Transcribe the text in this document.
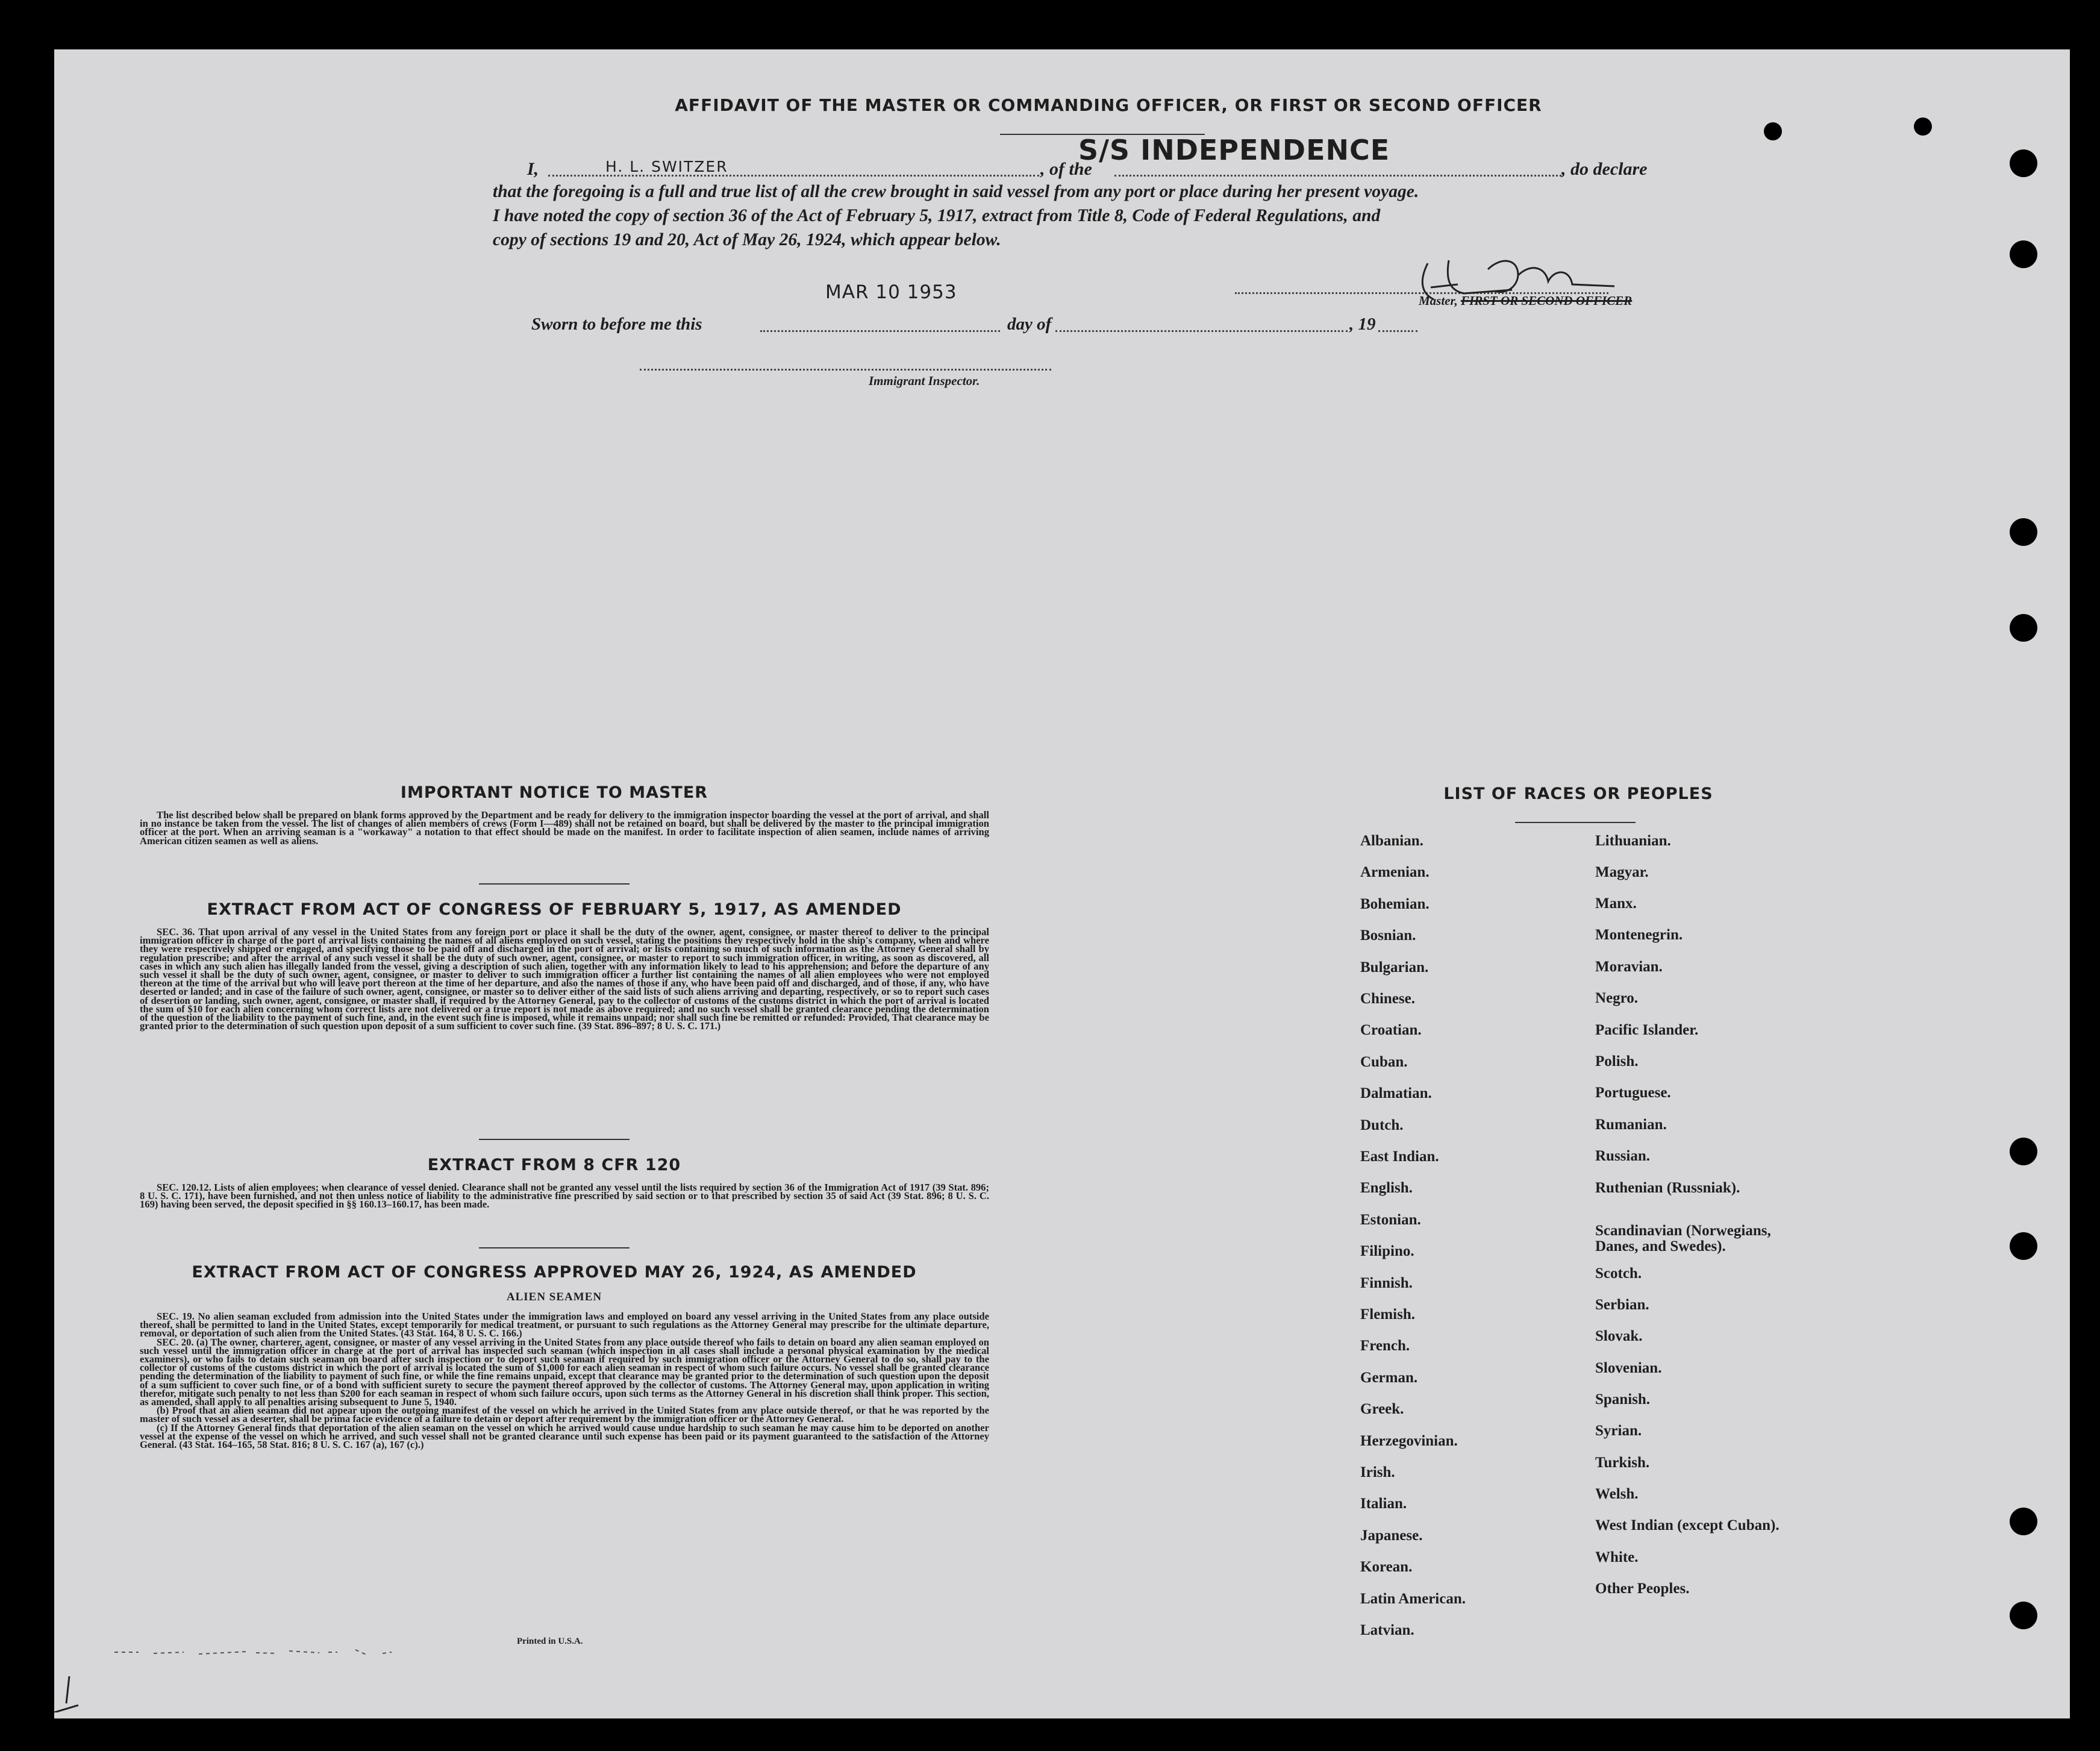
AFFIDAVIT OF THE MASTER OR COMMANDING OFFICER, OR FIRST OR SECOND OFFICER
S/S INDEPENDENCE
I,	H. L. SWITZER	, of the	, do declare
that the foregoing is a full and true list of all the crew brought in said vessel from any port or place during her present voyage.
I have noted the copy of section 36 of the Act of February 5, 1917, extract from Title 8, Code of Federal Regulations, and
copy of sections 19 and 20, Act of May 26, 1924, which appear below.
MAR 10 1953	Master, FIRST OR SECOND OFFICER
Sworn to before me this	day of	, 19
Immigrant Inspector.
IMPORTANT NOTICE TO MASTER

The list described below shall be prepared on blank forms approved by the Department and be ready for delivery to the immigration inspector boarding the vessel at the port of arrival, and shall in no instance be taken from the vessel. The list of changes of alien members of crews (Form I—489) shall not be retained on board, but shall be delivered by the master to the principal immigration officer at the port. When an arriving seaman is a "workaway" a notation to that effect should be made on the manifest. In order to facilitate inspection of alien seamen, include names of arriving American citizen seamen as well as aliens.

EXTRACT FROM ACT OF CONGRESS OF FEBRUARY 5, 1917, AS AMENDED

SEC. 36. That upon arrival of any vessel in the United States from any foreign port or place it shall be the duty of the owner, agent, consignee, or master thereof to deliver to the principal immigration officer in charge of the port of arrival lists containing the names of all aliens employed on such vessel, stating the positions they respectively hold in the ship's company, when and where they were respectively shipped or engaged, and specifying those to be paid off and discharged in the port of arrival; or lists containing so much of such information as the Attorney General shall by regulation prescribe; and after the arrival of any such vessel it shall be the duty of such owner, agent, consignee, or master to report to such immigration officer, in writing, as soon as discovered, all cases in which any such alien has illegally landed from the vessel, giving a description of such alien, together with any information likely to lead to his apprehension; and before the departure of any such vessel it shall be the duty of such owner, agent, consignee, or master to deliver to such immigration officer a further list containing the names of all alien employees who were not employed thereon at the time of the arrival but who will leave port thereon at the time of her departure, and also the names of those if any, who have been paid off and discharged, and of those, if any, who have deserted or landed; and in case of the failure of such owner, agent, consignee, or master so to deliver either of the said lists of such aliens arriving and departing, respectively, or so to report such cases of desertion or landing, such owner, agent, consignee, or master shall, if required by the Attorney General, pay to the collector of customs of the customs district in which the port of arrival is located the sum of $10 for each alien concerning whom correct lists are not delivered or a true report is not made as above required; and no such vessel shall be granted clearance pending the determination of the question of the liability to the payment of such fine, and, in the event such fine is imposed, while it remains unpaid; nor shall such fine be remitted or refunded: Provided, That clearance may be granted prior to the determination of such question upon deposit of a sum sufficient to cover such fine. (39 Stat. 896–897; 8 U. S. C. 171.)

EXTRACT FROM 8 CFR 120

SEC. 120.12. Lists of alien employees; when clearance of vessel denied. Clearance shall not be granted any vessel until the lists required by section 36 of the Immigration Act of 1917 (39 Stat. 896; 8 U. S. C. 171), have been furnished, and not then unless notice of liability to the administrative fine prescribed by said section or to that prescribed by section 35 of said Act (39 Stat. 896; 8 U. S. C. 169) having been served, the deposit specified in §§ 160.13–160.17, has been made.

EXTRACT FROM ACT OF CONGRESS APPROVED MAY 26, 1924, AS AMENDED
ALIEN SEAMEN

SEC. 19. No alien seaman excluded from admission into the United States under the immigration laws and employed on board any vessel arriving in the United States from any place outside thereof, shall be permitted to land in the United States, except temporarily for medical treatment, or pursuant to such regulations as the Attorney General may prescribe for the ultimate departure, removal, or deportation of such alien from the United States. (43 Stat. 164, 8 U. S. C. 166.)

SEC. 20. (a) The owner, charterer, agent, consignee, or master of any vessel arriving in the United States from any place outside thereof who fails to detain on board any alien seaman employed on such vessel until the immigration officer in charge at the port of arrival has inspected such seaman (which inspection in all cases shall include a personal physical examination by the medical examiners), or who fails to detain such seaman on board after such inspection or to deport such seaman if required by such immigration officer or the Attorney General to do so, shall pay to the collector of customs of the customs district in which the port of arrival is located the sum of $1,000 for each alien seaman in respect of whom such failure occurs. No vessel shall be granted clearance pending the determination of the liability to payment of such fine, or while the fine remains unpaid, except that clearance may be granted prior to the determination of such question upon the deposit of a sum sufficient to cover such fine, or of a bond with sufficient surety to secure the payment thereof approved by the collector of customs. The Attorney General may, upon application in writing therefor, mitigate such penalty to not less than $200 for each seaman in respect of whom such failure occurs, upon such terms as the Attorney General in his discretion shall think proper. This section, as amended, shall apply to all penalties arising subsequent to June 5, 1940.

(b) Proof that an alien seaman did not appear upon the outgoing manifest of the vessel on which he arrived in the United States from any place outside thereof, or that he was reported by the master of such vessel as a deserter, shall be prima facie evidence of a failure to detain or deport after requirement by the immigration officer or the Attorney General.

(c) If the Attorney General finds that deportation of the alien seaman on the vessel on which he arrived would cause undue hardship to such seaman he may cause him to be deported on another vessel at the expense of the vessel on which he arrived, and such vessel shall not be granted clearance until such expense has been paid or its payment guaranteed to the satisfaction of the Attorney General. (43 Stat. 164–165, 58 Stat. 816; 8 U. S. C. 167 (a), 167 (c).)

Printed in U.S.A.
LIST OF RACES OR PEOPLES
Albanian.
Armenian.
Bohemian.
Bosnian.
Bulgarian.
Chinese.
Croatian.
Cuban.
Dalmatian.
Dutch.
East Indian.
English.
Estonian.
Filipino.
Finnish.
Flemish.
French.
German.
Greek.
Herzegovinian.
Irish.
Italian.
Japanese.
Korean.
Latin American.
Latvian.
Lithuanian.
Magyar.
Manx.
Montenegrin.
Moravian.
Negro.
Pacific Islander.
Polish.
Portuguese.
Rumanian.
Russian.
Ruthenian (Russniak).
Scandinavian (Norwegians, Danes, and Swedes).
Scotch.
Serbian.
Slovak.
Slovenian.
Spanish.
Syrian.
Turkish.
Welsh.
West Indian (except Cuban).
White.
Other Peoples.
